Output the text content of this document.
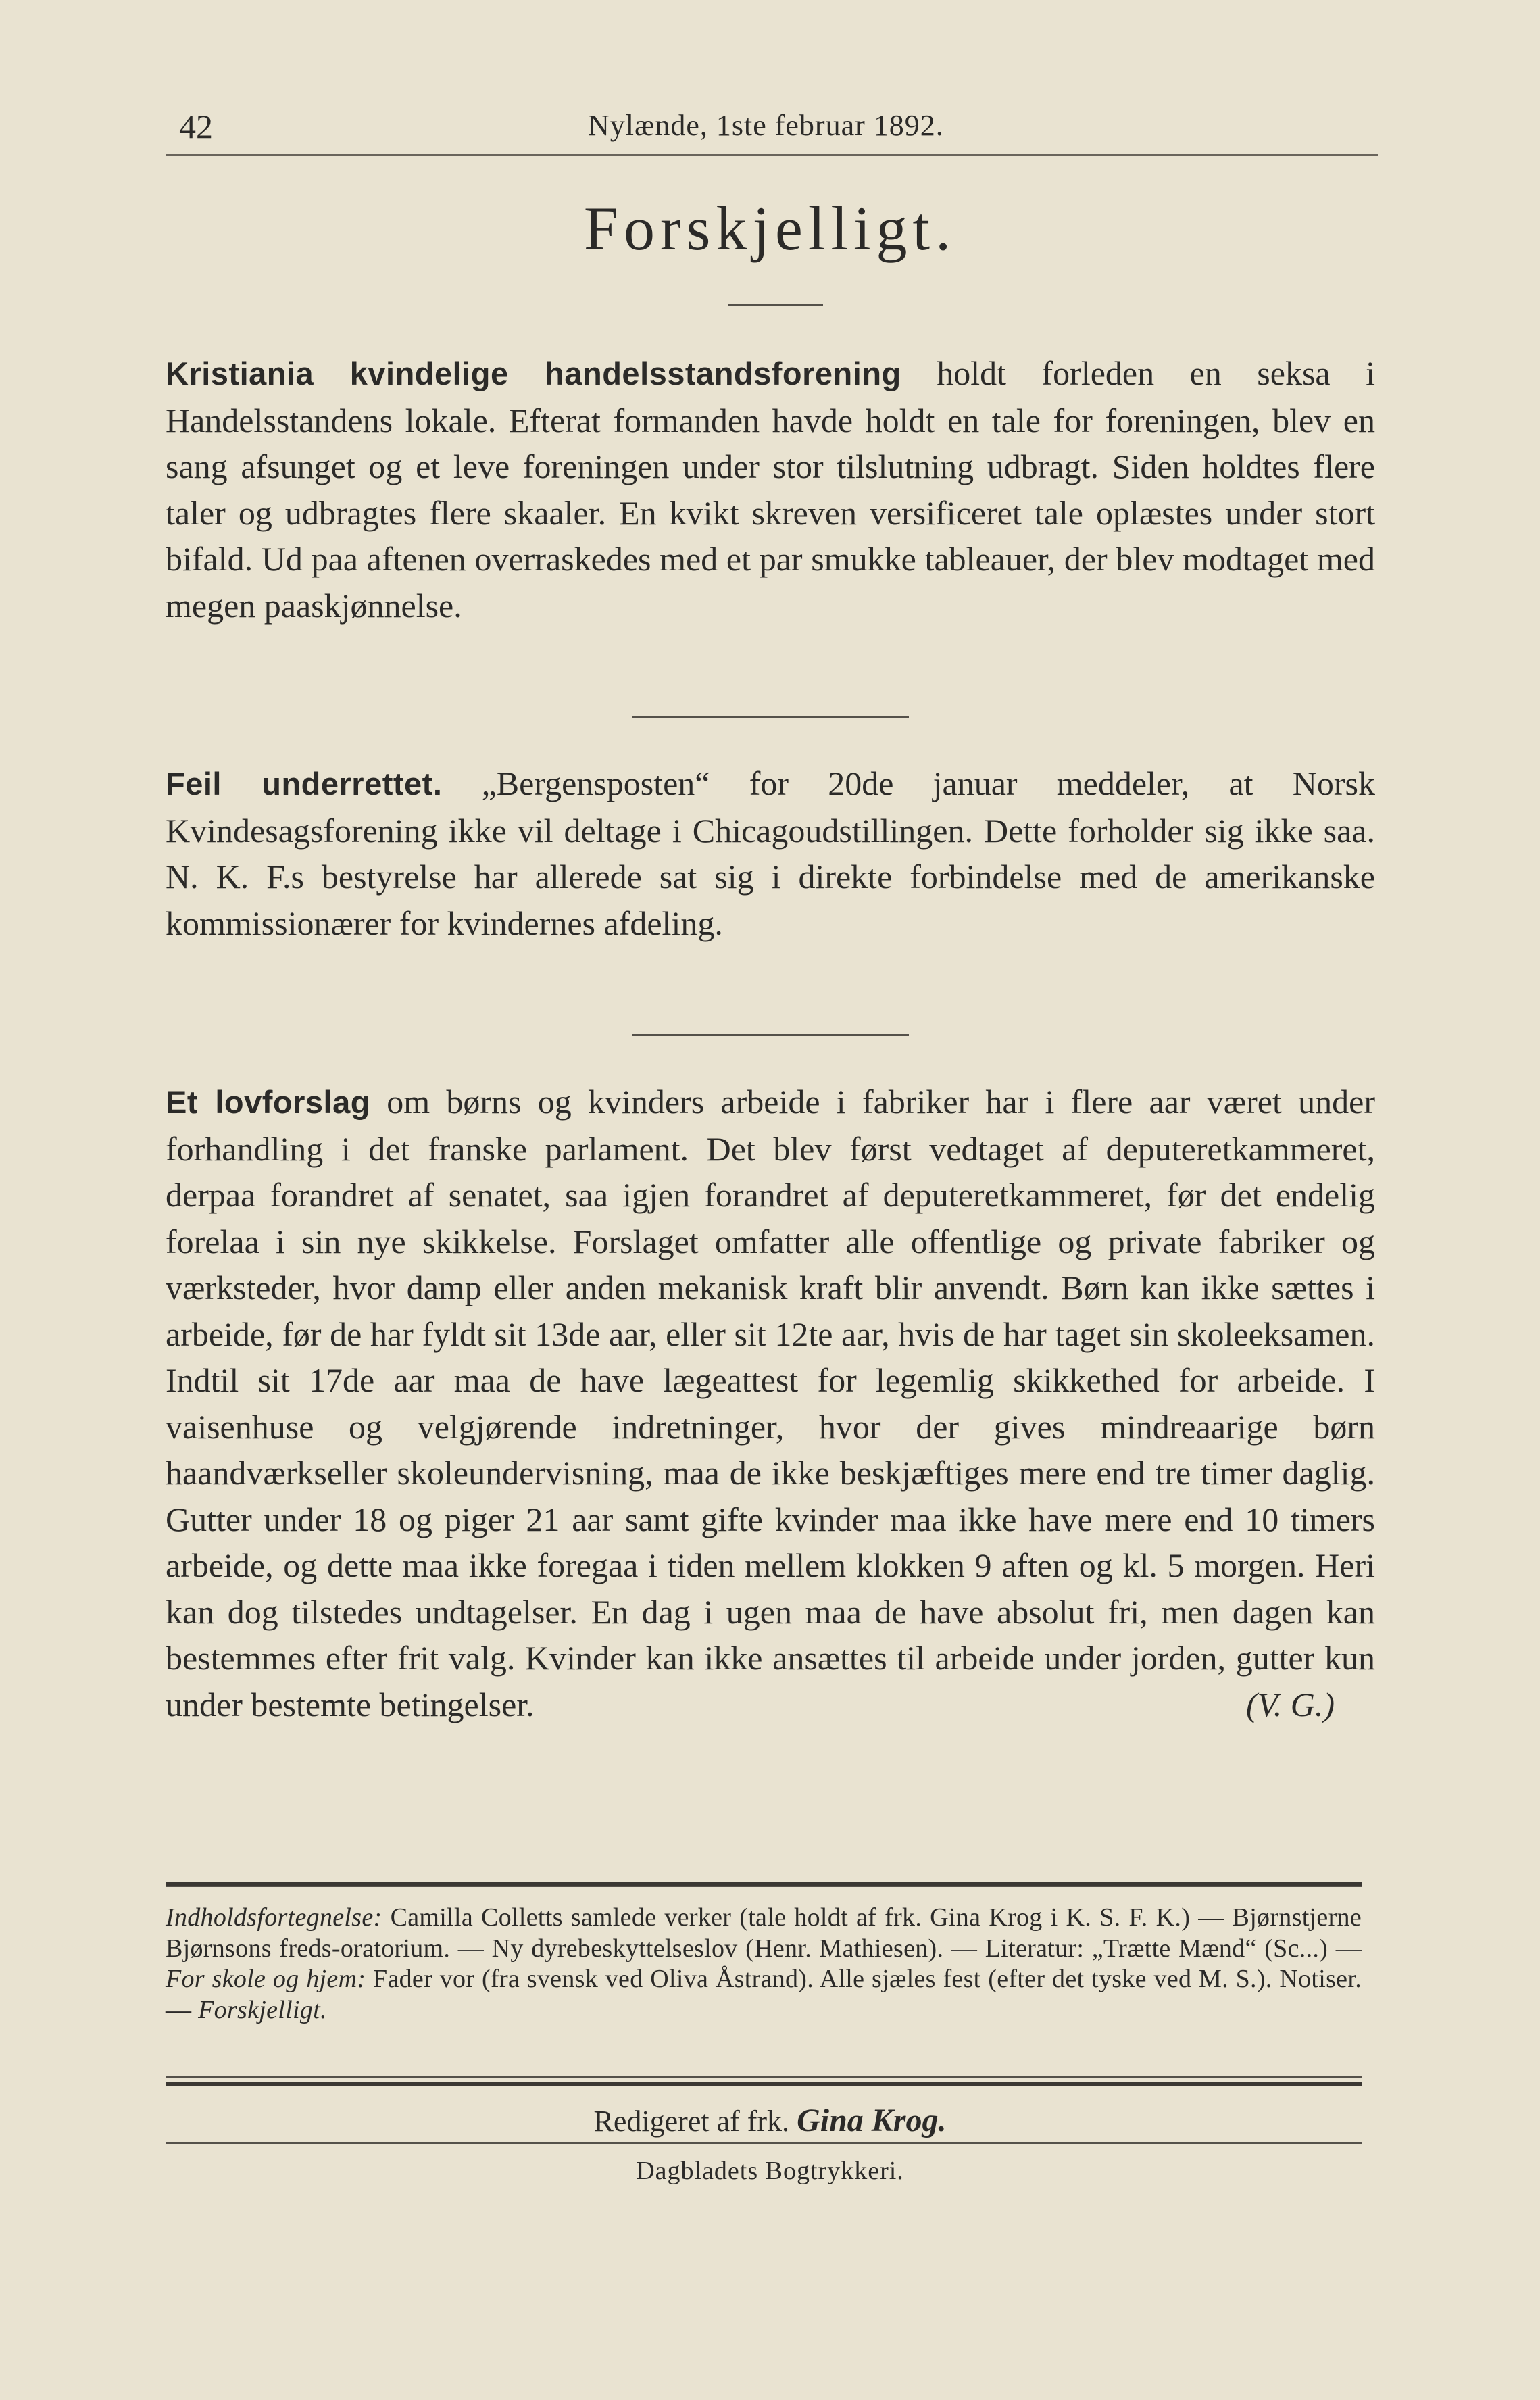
42	Nylænde, 1ste februar 1892.
Forskjelligt.
Kristiania kvindelige handelsstandsforening holdt forleden en seksa i Handelsstandens lokale. Efterat formanden havde holdt en tale for foreningen, blev en sang afsunget og et leve foreningen under stor tilslutning udbragt. Siden holdtes flere taler og udbragtes flere skaaler. En kvikt skreven versificeret tale oplæstes under stort bifald. Ud paa aftenen overraskedes med et par smukke tableauer, der blev modtaget med megen paaskjønnelse.
Feil underrettet. „Bergensposten“ for 20de januar meddeler, at Norsk Kvindesagsforening ikke vil deltage i Chicagoudstillingen. Dette forholder sig ikke saa. N. K. F.s bestyrelse har allerede sat sig i direkte forbindelse med de amerikanske kommissionærer for kvindernes afdeling.
Et lovforslag om børns og kvinders arbeide i fabriker har i flere aar været under forhandling i det franske parlament. Det blev først vedtaget af deputeretkammeret, derpaa forandret af senatet, saa igjen forandret af deputeretkammeret, før det endelig forelaa i sin nye skikkelse. Forslaget omfatter alle offentlige og private fabriker og værksteder, hvor damp eller anden mekanisk kraft blir anvendt. Børn kan ikke sættes i arbeide, før de har fyldt sit 13de aar, eller sit 12te aar, hvis de har taget sin skoleeksamen. Indtil sit 17de aar maa de have lægeattest for legemlig skikkethed for arbeide. I vaisenhuse og velgjørende indretninger, hvor der gives mindreaarige børn haandværkseller skoleundervisning, maa de ikke beskjæftiges mere end tre timer daglig. Gutter under 18 og piger 21 aar samt gifte kvinder maa ikke have mere end 10 timers arbeide, og dette maa ikke foregaa i tiden mellem klokken 9 aften og kl. 5 morgen. Heri kan dog tilstedes undtagelser. En dag i ugen maa de have absolut fri, men dagen kan bestemmes efter frit valg. Kvinder kan ikke ansættes til arbeide under jorden, gutter kun under bestemte betingelser.	(V. G.)
Indholdsfortegnelse: Camilla Colletts samlede verker (tale holdt af frk. Gina Krog i K. S. F. K.) — Bjørnstjerne Bjørnsons freds-oratorium. — Ny dyrebeskyttelseslov (Henr. Mathiesen). — Literatur: „Trætte Mænd“ (Sc...) — For skole og hjem: Fader vor (fra svensk ved Oliva Åstrand). Alle sjæles fest (efter det tyske ved M. S.). Notiser. — Forskjelligt.
Redigeret af frk. Gina Krog.
Dagbladets Bogtrykkeri.
